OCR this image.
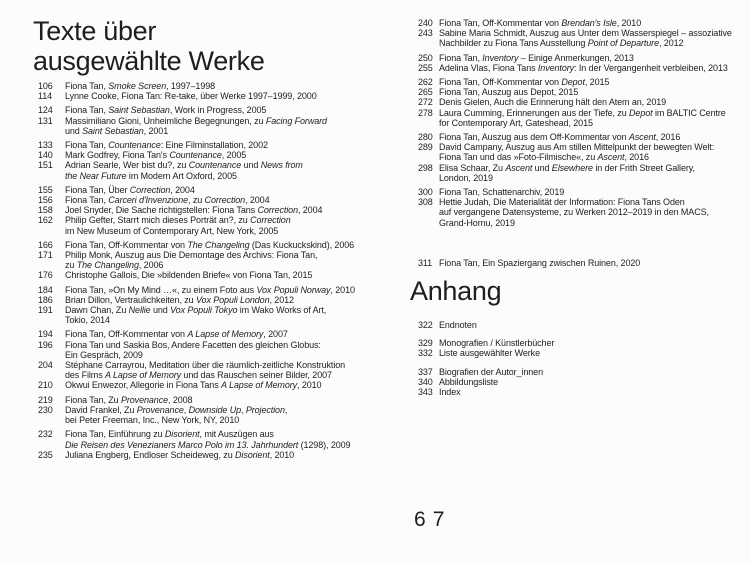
Texte über
ausgewählte Werke
106	Fiona Tan, Smoke Screen, 1997–1998
114	Lynne Cooke, Fiona Tan: Re-take, über Werke 1997–1999, 2000
124	Fiona Tan, Saint Sebastian, Work in Progress, 2005
131	Massimiliano Gioni, Unheimliche Begegnungen, zu Facing Forward
und Saint Sebastian, 2001
133	Fiona Tan, Countenance: Eine Filminstallation, 2002
140	Mark Godfrey, Fiona Tan's Countenance, 2005
151	Adrian Searle, Wer bist du?, zu Countenance und News from
the Near Future im Modern Art Oxford, 2005
155	Fiona Tan, Über Correction, 2004
156	Fiona Tan, Carceri d'Invenzione, zu Correction, 2004
158	Joel Snyder, Die Sache richtigstellen: Fiona Tans Correction, 2004
162	Philip Gefter, Starrt mich dieses Porträt an?, zu Correction
im New Museum of Contemporary Art, New York, 2005
166	Fiona Tan, Off-Kommentar von The Changeling (Das Kuckuckskind), 2006
171	Philip Monk, Auszug aus Die Demontage des Archivs: Fiona Tan,
zu The Changeling, 2006
176	Christophe Gallois, Die »bildenden Briefe« von Fiona Tan, 2015
184	Fiona Tan, »On My Mind …«, zu einem Foto aus Vox Populi Norway, 2010
186	Brian Dillon, Vertraulichkeiten, zu Vox Populi London, 2012
191	Dawn Chan, Zu Nellie und Vox Populi Tokyo im Wako Works of Art,
Tokio, 2014
194	Fiona Tan, Off-Kommentar von A Lapse of Memory, 2007
196	Fiona Tan und Saskia Bos, Andere Facetten des gleichen Globus:
Ein Gespräch, 2009
204	Stéphane Carrayrou, Meditation über die räumlich-zeitliche Konstruktion
des Films A Lapse of Memory und das Rauschen seiner Bilder, 2007
210	Okwui Enwezor, Allegorie in Fiona Tans A Lapse of Memory, 2010
219	Fiona Tan, Zu Provenance, 2008
230	David Frankel, Zu Provenance, Downside Up, Projection,
bei Peter Freeman, Inc., New York, NY, 2010
232	Fiona Tan, Einführung zu Disorient, mit Auszügen aus
Die Reisen des Venezianers Marco Polo im 13. Jahrhundert (1298), 2009
235	Juliana Engberg, Endloser Scheideweg, zu Disorient, 2010
240 Fiona Tan, Off-Kommentar von Brendan's Isle, 2010
243 Sabine Maria Schmidt, Auszug aus Unter dem Wasserspiegel – assoziative
Nachbilder zu Fiona Tans Ausstellung Point of Departure, 2012
250 Fiona Tan, Inventory – Einige Anmerkungen, 2013
255 Adelina Vlas, Fiona Tans Inventory: In der Vergangenheit verbleiben, 2013
262 Fiona Tan, Off-Kommentar von Depot, 2015
265 Fiona Tan, Auszug aus Depot, 2015
272 Denis Gielen, Auch die Erinnerung hält den Atem an, 2019
278 Laura Cumming, Erinnerungen aus der Tiefe, zu Depot im BALTIC Centre
for Contemporary Art, Gateshead, 2015
280 Fiona Tan, Auszug aus dem Off-Kommentar von Ascent, 2016
289 David Campany, Auszug aus Am stillen Mittelpunkt der bewegten Welt:
Fiona Tan und das »Foto-Filmische«, zu Ascent, 2016
298 Elisa Schaar, Zu Ascent und Elsewhere in der Frith Street Gallery,
London, 2019
300 Fiona Tan, Schattenarchiv, 2019
308 Hettie Judah, Die Materialität der Information: Fiona Tans Oden
auf vergangene Datensysteme, zu Werken 2012–2019 in den MACS,
Grand-Hornu, 2019
311 Fiona Tan, Ein Spaziergang zwischen Ruinen, 2020
Anhang
322 Endnoten
329 Monografien / Künstlerbücher
332 Liste ausgewählter Werke
337 Biografien der Autor_innen
340 Abbildungsliste
343 Index
6 7
